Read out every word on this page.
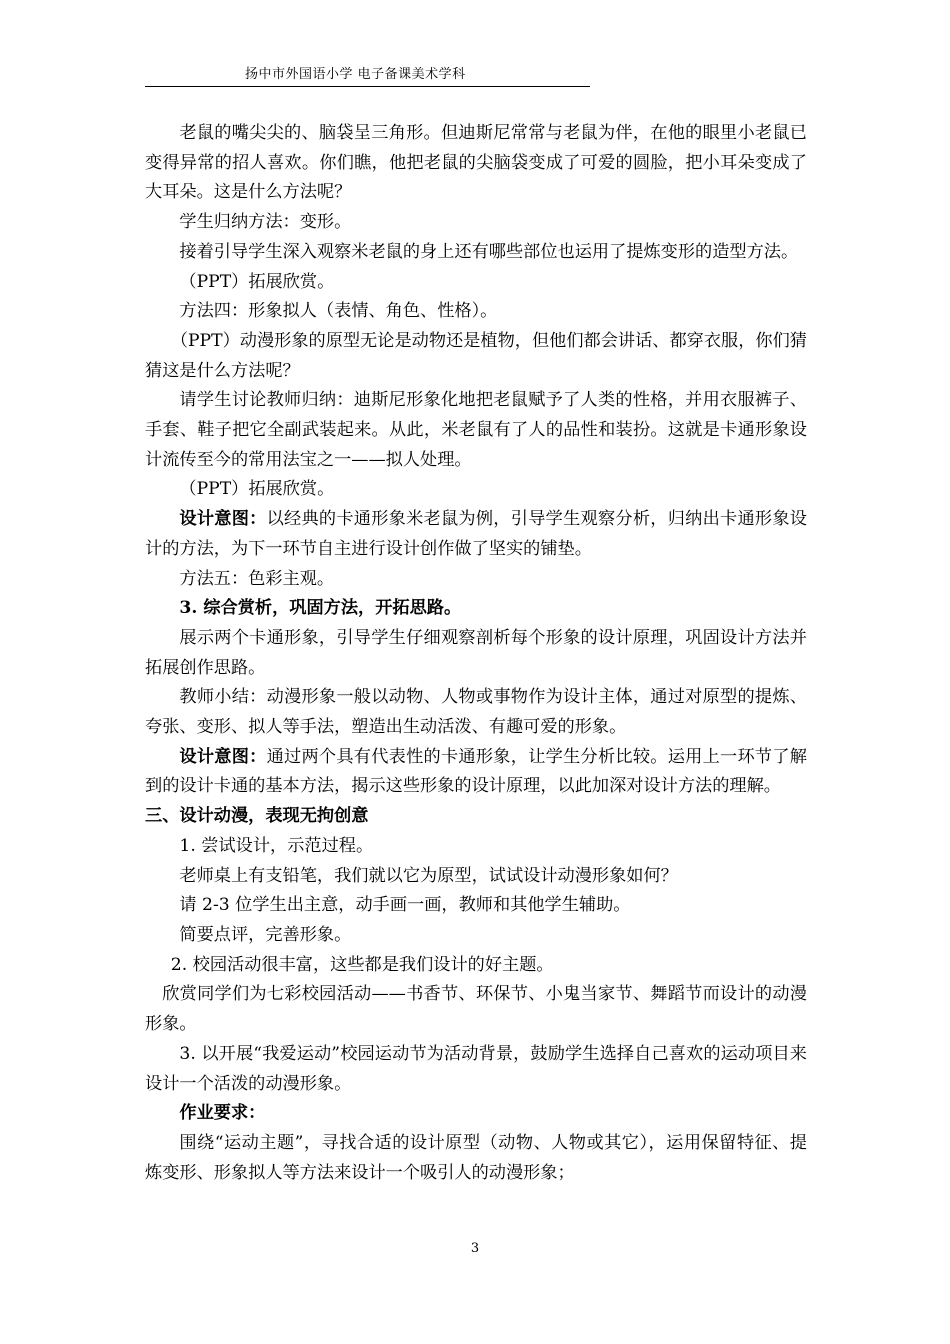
扬中市外国语小学 电子备课美术学科

老鼠的嘴尖尖的、脑袋呈三角形。但迪斯尼常常与老鼠为伴，在他的眼里小老鼠已变得异常的招人喜欢。你们瞧，他把老鼠的尖脑袋变成了可爱的圆脸，把小耳朵变成了大耳朵。这是什么方法呢？

学生归纳方法：变形。

接着引导学生深入观察米老鼠的身上还有哪些部位也运用了提炼变形的造型方法。

（PPT）拓展欣赏。

方法四：形象拟人（表情、角色、性格）。

（PPT）动漫形象的原型无论是动物还是植物，但他们都会讲话、都穿衣服，你们猜猜这是什么方法呢？

请学生讨论教师归纳：迪斯尼形象化地把老鼠赋予了人类的性格，并用衣服裤子、手套、鞋子把它全副武装起来。从此，米老鼠有了人的品性和装扮。这就是卡通形象设计流传至今的常用法宝之一——拟人处理。

（PPT）拓展欣赏。

设计意图：以经典的卡通形象米老鼠为例，引导学生观察分析，归纳出卡通形象设计的方法，为下一环节自主进行设计创作做了坚实的铺垫。

方法五：色彩主观。

3. 综合赏析，巩固方法，开拓思路。

展示两个卡通形象，引导学生仔细观察剖析每个形象的设计原理，巩固设计方法并拓展创作思路。

教师小结：动漫形象一般以动物、人物或事物作为设计主体，通过对原型的提炼、夸张、变形、拟人等手法，塑造出生动活泼、有趣可爱的形象。

设计意图：通过两个具有代表性的卡通形象，让学生分析比较。运用上一环节了解到的设计卡通的基本方法，揭示这些形象的设计原理，以此加深对设计方法的理解。

三、设计动漫，表现无拘创意

1. 尝试设计，示范过程。

老师桌上有支铅笔，我们就以它为原型，试试设计动漫形象如何？

请 2-3 位学生出主意，动手画一画，教师和其他学生辅助。

简要点评，完善形象。

2. 校园活动很丰富，这些都是我们设计的好主题。

欣赏同学们为七彩校园活动——书香节、环保节、小鬼当家节、舞蹈节而设计的动漫形象。

3. 以开展“我爱运动”校园运动节为活动背景，鼓励学生选择自己喜欢的运动项目来设计一个活泼的动漫形象。

作业要求：

围绕“运动主题”，寻找合适的设计原型（动物、人物或其它），运用保留特征、提炼变形、形象拟人等方法来设计一个吸引人的动漫形象；

3
